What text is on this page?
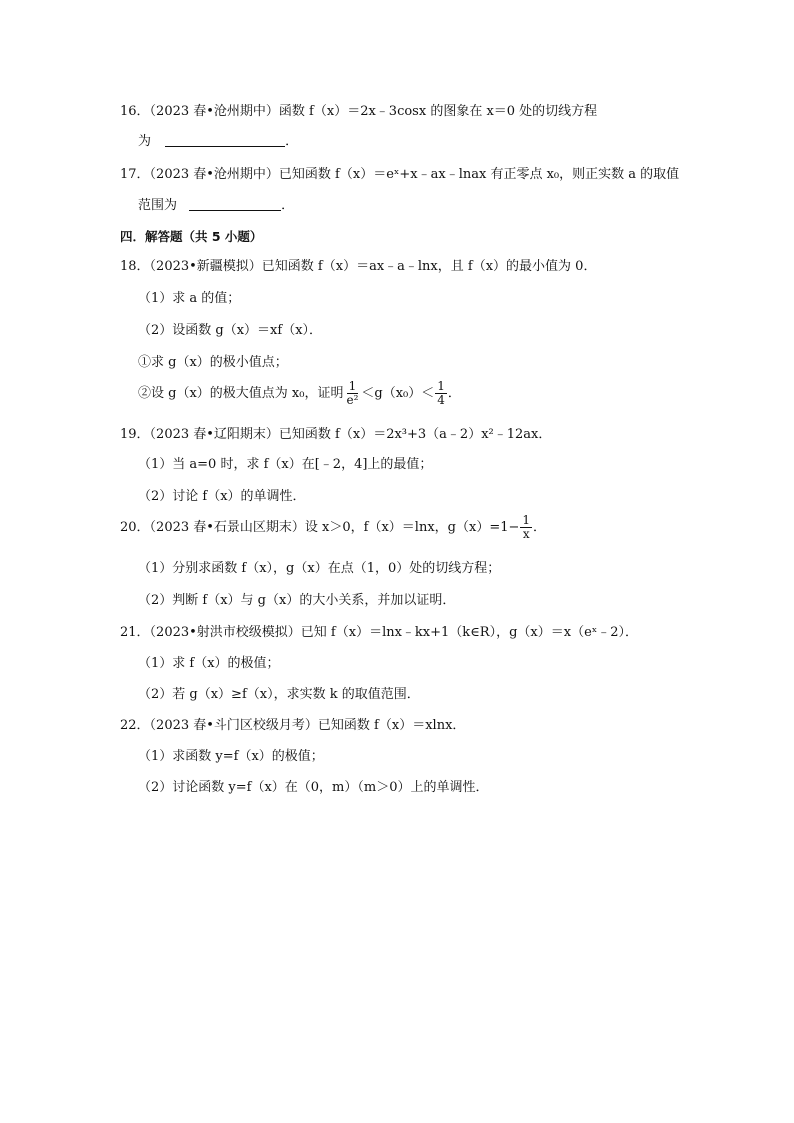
16．（2023 春•沧州期中）函数 f（x）＝2x﹣3cosx 的图象在 x＝0 处的切线方程
为	．
17．（2023 春•沧州期中）已知函数 f（x）＝eˣ+x﹣ax﹣lnax 有正零点 x₀，则正实数 a 的取值
范围为	．
四．解答题（共 5 小题）
18．（2023•新疆模拟）已知函数 f（x）＝ax﹣a﹣lnx，且 f（x）的最小值为 0．
（1）求 a 的值；
（2）设函数 g（x）＝xf（x）．
①求 g（x）的极小值点；
②设 g（x）的极大值点为 x₀，证明 $\frac{1}{\text{e²}} <g(x_0)< \frac{1}{4}$ ．
19．（2023 春•辽阳期末）已知函数 f（x）＝2x³+3（a﹣2）x²﹣12ax．
（1）当 a=0 时，求 f（x）在[﹣2，4]上的最值；
（2）讨论 f（x）的单调性．
20．（2023 春•石景山区期末）设 x＞0，f（x）＝lnx，$g(x)=1- \frac{1}{x}$ ．
（1）分别求函数 f（x），g（x）在点（1，0）处的切线方程；
（2）判断 f（x）与 g（x）的大小关系，并加以证明．
21．（2023•射洪市校级模拟）已知 f（x）＝lnx﹣kx+1（k∈R），g（x）＝x（eˣ﹣2）．
（1）求 f（x）的极值；
（2）若 g（x）≥f（x），求实数 k 的取值范围．
22．（2023 春•斗门区校级月考）已知函数 f（x）＝xlnx．
（1）求函数 y=f（x）的极值；
（2）讨论函数 y=f（x）在（0，m）（m＞0）上的单调性．
